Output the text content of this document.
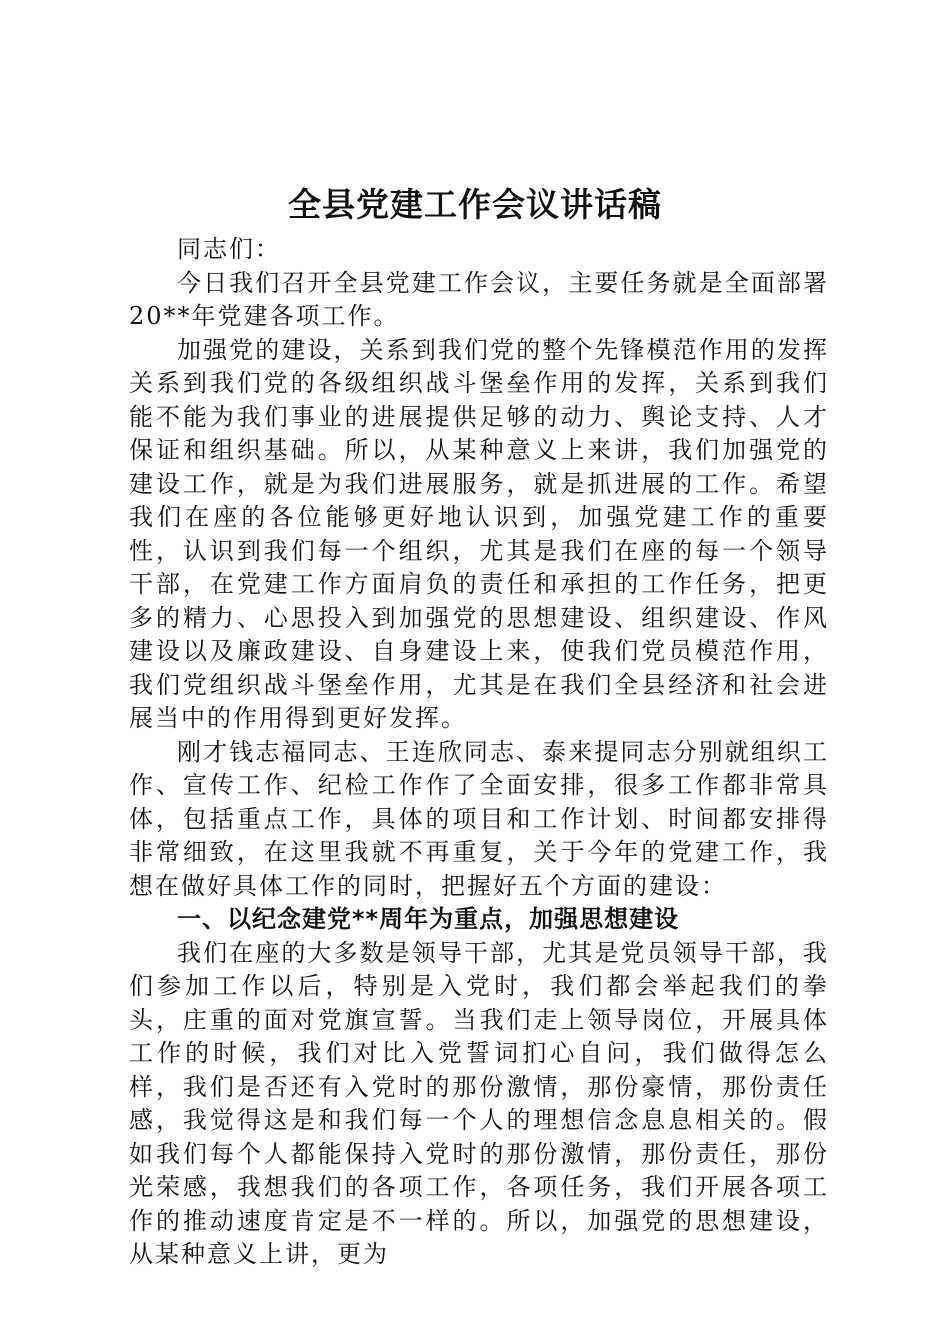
全县党建工作会议讲话稿

同志们：

今日我们召开全县党建工作会议，主要任务就是全面部署20**年党建各项工作。

加强党的建设，关系到我们党的整个先锋模范作用的发挥关系到我们党的各级组织战斗堡垒作用的发挥，关系到我们能不能为我们事业的进展提供足够的动力、舆论支持、人才保证和组织基础。所以，从某种意义上来讲，我们加强党的建设工作，就是为我们进展服务，就是抓进展的工作。希望我们在座的各位能够更好地认识到，加强党建工作的重要性，认识到我们每一个组织，尤其是我们在座的每一个领导干部，在党建工作方面肩负的责任和承担的工作任务，把更多的精力、心思投入到加强党的思想建设、组织建设、作风建设以及廉政建设、自身建设上来，使我们党员模范作用，我们党组织战斗堡垒作用，尤其是在我们全县经济和社会进展当中的作用得到更好发挥。

刚才钱志福同志、王连欣同志、泰来提同志分别就组织工作、宣传工作、纪检工作作了全面安排，很多工作都非常具体，包括重点工作，具体的项目和工作计划、时间都安排得非常细致，在这里我就不再重复，关于今年的党建工作，我想在做好具体工作的同时，把握好五个方面的建设：

一、以纪念建党**周年为重点，加强思想建设

我们在座的大多数是领导干部，尤其是党员领导干部，我们参加工作以后，特别是入党时，我们都会举起我们的拳头，庄重的面对党旗宣誓。当我们走上领导岗位，开展具体工作的时候，我们对比入党誓词扪心自问，我们做得怎么样，我们是否还有入党时的那份激情，那份豪情，那份责任感，我觉得这是和我们每一个人的理想信念息息相关的。假如我们每个人都能保持入党时的那份激情，那份责任，那份光荣感，我想我们的各项工作，各项任务，我们开展各项工作的推动速度肯定是不一样的。所以，加强党的思想建设，从某种意义上讲，更为
